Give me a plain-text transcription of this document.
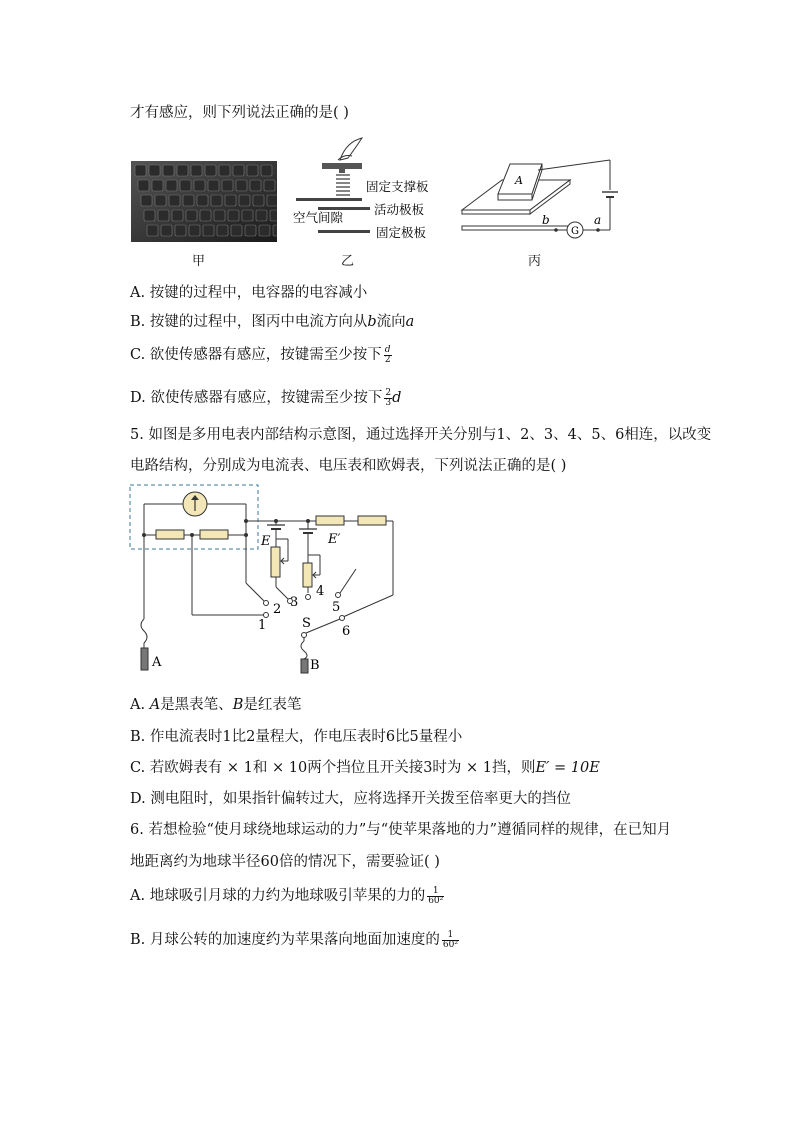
才有感应，则下列说法正确的是( )
固定支撑板
空气间隙
活动极板
固定极板
A
G
b	a
甲	乙	丙
A. 按键的过程中，电容器的电容减小
B. 按键的过程中，图丙中电流方向从b流向a
C. 欲使传感器有感应，按键需至少按下 $\frac{d}{2}$
D. 欲使传感器有感应，按键需至少按下 $\frac{2}{3}$ d
5. 如图是多用电表内部结构示意图，通过选择开关分别与1、2、3、4、5、6相连，以改变
电路结构，分别成为电流表、电压表和欧姆表，下列说法正确的是( )
E	E′
1
2 3
4
5
6
S
A	B
A. A是黑表笔、B是红表笔
B. 作电流表时1比2量程大，作电压表时6比5量程小
C. 若欧姆表有 × 1和 × 10两个挡位且开关接3时为 × 1挡，则E′ = 10E
D. 测电阻时，如果指针偏转过大，应将选择开关拨至倍率更大的挡位
6. 若想检验“使月球绕地球运动的力”与“使苹果落地的力”遵循同样的规律，在已知月
地距离约为地球半径60倍的情况下，需要验证( )
A. 地球吸引月球的力约为地球吸引苹果的力的 $\frac{1}{\text{60²}}$
B. 月球公转的加速度约为苹果落向地面加速度的 $\frac{1}{\text{60²}}$
